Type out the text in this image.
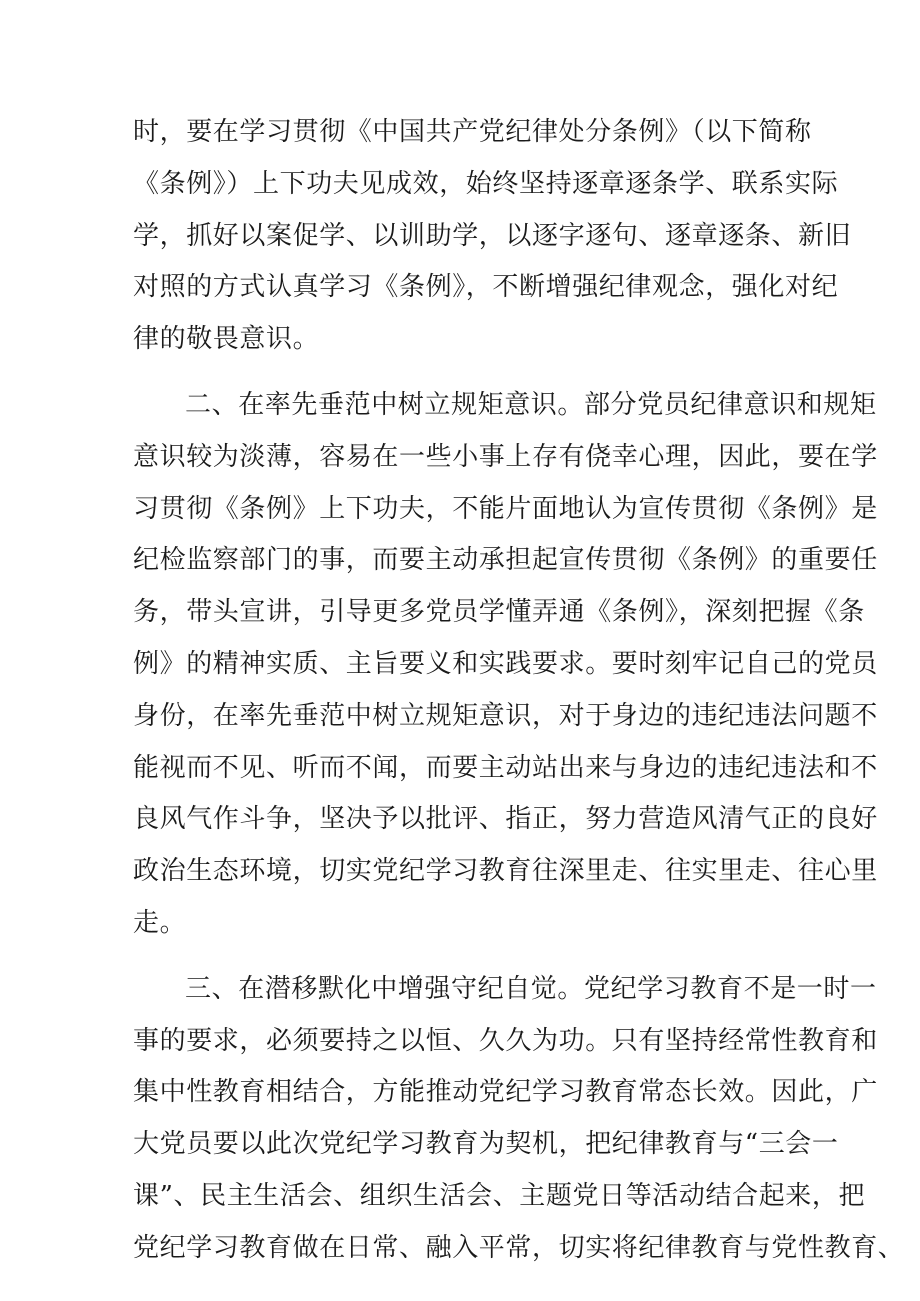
时，要在学习贯彻《中国共产党纪律处分条例》（以下简称
《条例》）上下功夫见成效，始终坚持逐章逐条学、联系实际
学，抓好以案促学、以训助学，以逐字逐句、逐章逐条、新旧
对照的方式认真学习《条例》，不断增强纪律观念，强化对纪
律的敬畏意识。
二、在率先垂范中树立规矩意识。部分党员纪律意识和规矩
意识较为淡薄，容易在一些小事上存有侥幸心理，因此，要在学
习贯彻《条例》上下功夫，不能片面地认为宣传贯彻《条例》是
纪检监察部门的事，而要主动承担起宣传贯彻《条例》的重要任
务，带头宣讲，引导更多党员学懂弄通《条例》，深刻把握《条
例》的精神实质、主旨要义和实践要求。要时刻牢记自己的党员
身份，在率先垂范中树立规矩意识，对于身边的违纪违法问题不
能视而不见、听而不闻，而要主动站出来与身边的违纪违法和不
良风气作斗争，坚决予以批评、指正，努力营造风清气正的良好
政治生态环境，切实党纪学习教育往深里走、往实里走、往心里
走。
三、在潜移默化中增强守纪自觉。党纪学习教育不是一时一
事的要求，必须要持之以恒、久久为功。只有坚持经常性教育和
集中性教育相结合，方能推动党纪学习教育常态长效。因此，广
大党员要以此次党纪学习教育为契机，把纪律教育与“三会一
课”、民主生活会、组织生活会、主题党日等活动结合起来，把
党纪学习教育做在日常、融入平常，切实将纪律教育与党性教育、
